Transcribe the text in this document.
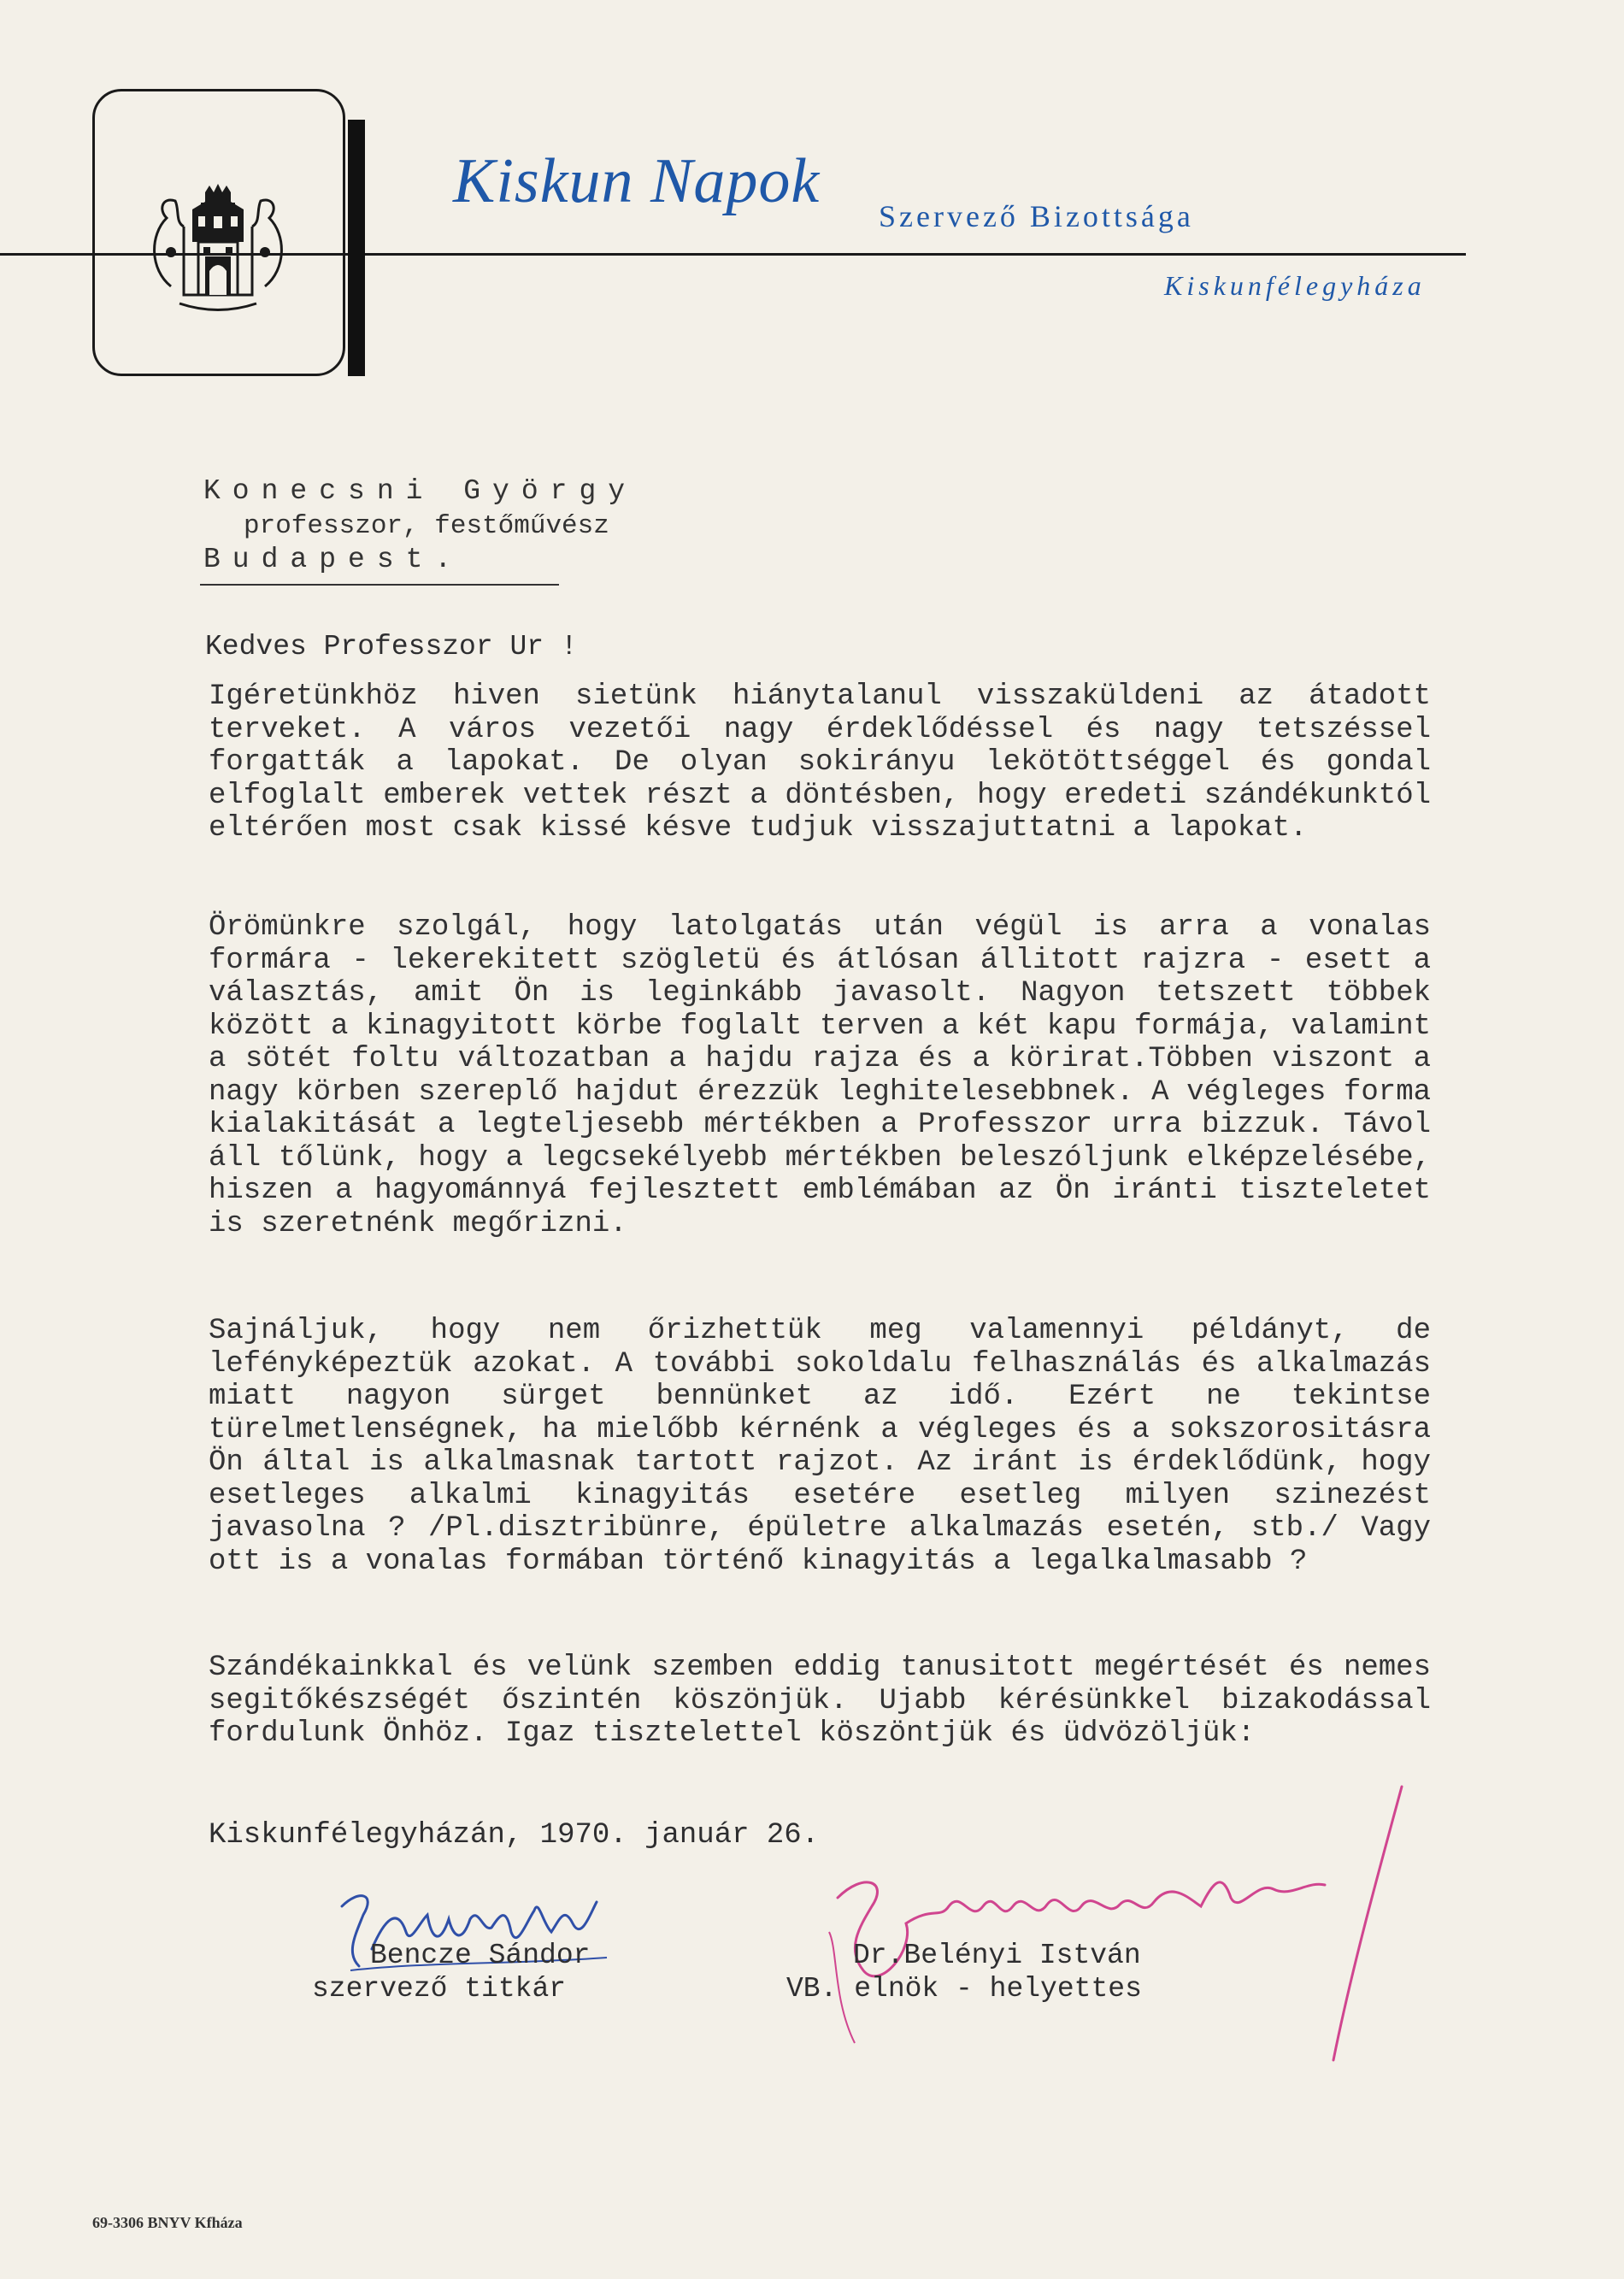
Kiskun Napok Szervező Bizottsága
Kiskunfélegyháza
Konecsni György
professzor, festőművész
Budapest.
Kedves Professzor Ur !
Igéretünkhöz hiven sietünk hiánytalanul visszaküldeni az átadott terveket. A város vezetői nagy érdeklődéssel és nagy tetszéssel forgatták a lapokat. De olyan sokirányu lekötöttséggel és gondal elfoglalt emberek vettek részt a döntésben, hogy eredeti szándékunktól eltérően most csak kissé késve tudjuk visszajuttatni a lapokat.
Örömünkre szolgál, hogy latolgatás után végül is arra a vonalas formára - lekerekitett szögletü és átlósan állitott rajzra - esett a választás, amit Ön is leginkább javasolt. Nagyon tetszett többek között a kinagyitott körbe foglalt terven a két kapu formája, valamint a sötét foltu változatban a hajdu rajza és a körirat.Többen viszont a nagy körben szereplő hajdut érezzük leghitelesebbnek. A végleges forma kialakitását a legteljesebb mértékben a Professzor urra bizzuk. Távol áll tőlünk, hogy a legcsekélyebb mértékben beleszóljunk elképzelésébe, hiszen a hagyománnyá fejlesztett emblémában az Ön iránti tiszteletet is szeretnénk megőrizni.
Sajnáljuk, hogy nem őrizhettük meg valamennyi példányt, de lefényképeztük azokat. A további sokoldalu felhasználás és alkalmazás miatt nagyon sürget bennünket az idő. Ezért ne tekintse türelmetlenségnek, ha mielőbb kérnénk a végleges és a sokszorositásra Ön által is alkalmasnak tartott rajzot. Az iránt is érdeklődünk, hogy esetleges alkalmi kinagyitás esetére esetleg milyen szinezést javasolna ? /Pl.disztribünre, épületre alkalmazás esetén, stb./ Vagy ott is a vonalas formában történő kinagyitás a legalkalmasabb ?
Szándékainkkal és velünk szemben eddig tanusitott megértését és nemes segitőkészségét őszintén köszönjük. Ujabb kérésünkkel bizakodással fordulunk Önhöz. Igaz tisztelettel köszöntjük és üdvözöljük:
Kiskunfélegyházán, 1970. január 26.
Bencze Sándor
szervező titkár
Dr.Belényi István
VB. elnök - helyettes
69-3306 BNYV Kfháza
